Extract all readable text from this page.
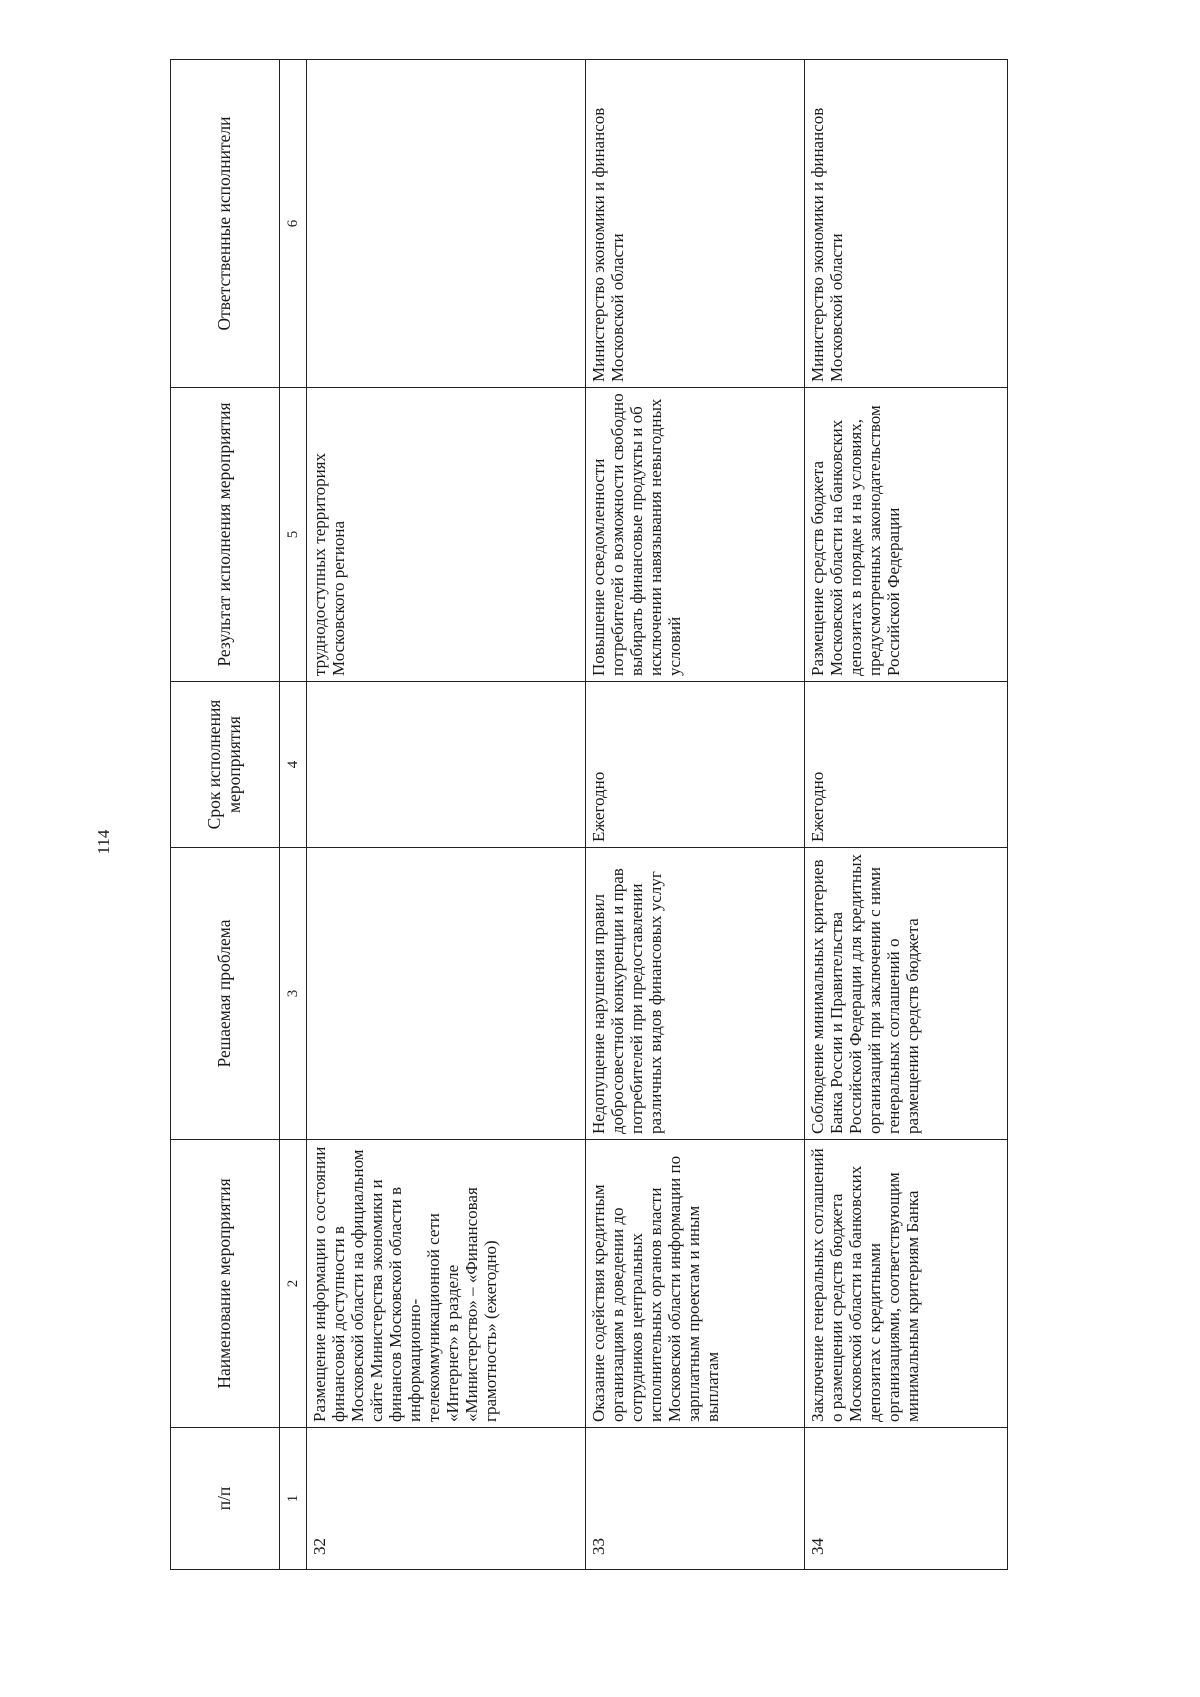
114
п/п	Наименование мероприятия	Решаемая проблема	Срок исполнения мероприятия	Результат исполнения мероприятия	Ответственные исполнители
1	2	3	4	5	6
32	Размещение информации о состоянии финансовой доступности в Московской области на официальном сайте Министерства экономики и финансов Московской области в информационно-телекоммуникационной сети «Интернет» в разделе «Министерство» – «Финансовая грамотность» (ежегодно)			труднодоступных территориях Московского региона	
33	Оказание содействия кредитным организациям в доведении до сотрудников центральных исполнительных органов власти Московской области информации по зарплатным проектам и иным выплатам	Недопущение нарушения правил добросовестной конкуренции и прав потребителей при предоставлении различных видов финансовых услуг	Ежегодно	Повышение осведомленности потребителей о возможности свободно выбирать финансовые продукты и об исключении навязывания невыгодных условий	Министерство экономики и финансов Московской области
34	Заключение генеральных соглашений о размещении средств бюджета Московской области на банковских депозитах с кредитными организациями, соответствующим минимальным критериям Банка	Соблюдение минимальных критериев Банка России и Правительства Российской Федерации для кредитных организаций при заключении с ними генеральных соглашений о размещении средств бюджета	Ежегодно	Размещение средств бюджета Московской области на банковских депозитах в порядке и на условиях, предусмотренных законодательством Российской Федерации	Министерство экономики и финансов Московской области
